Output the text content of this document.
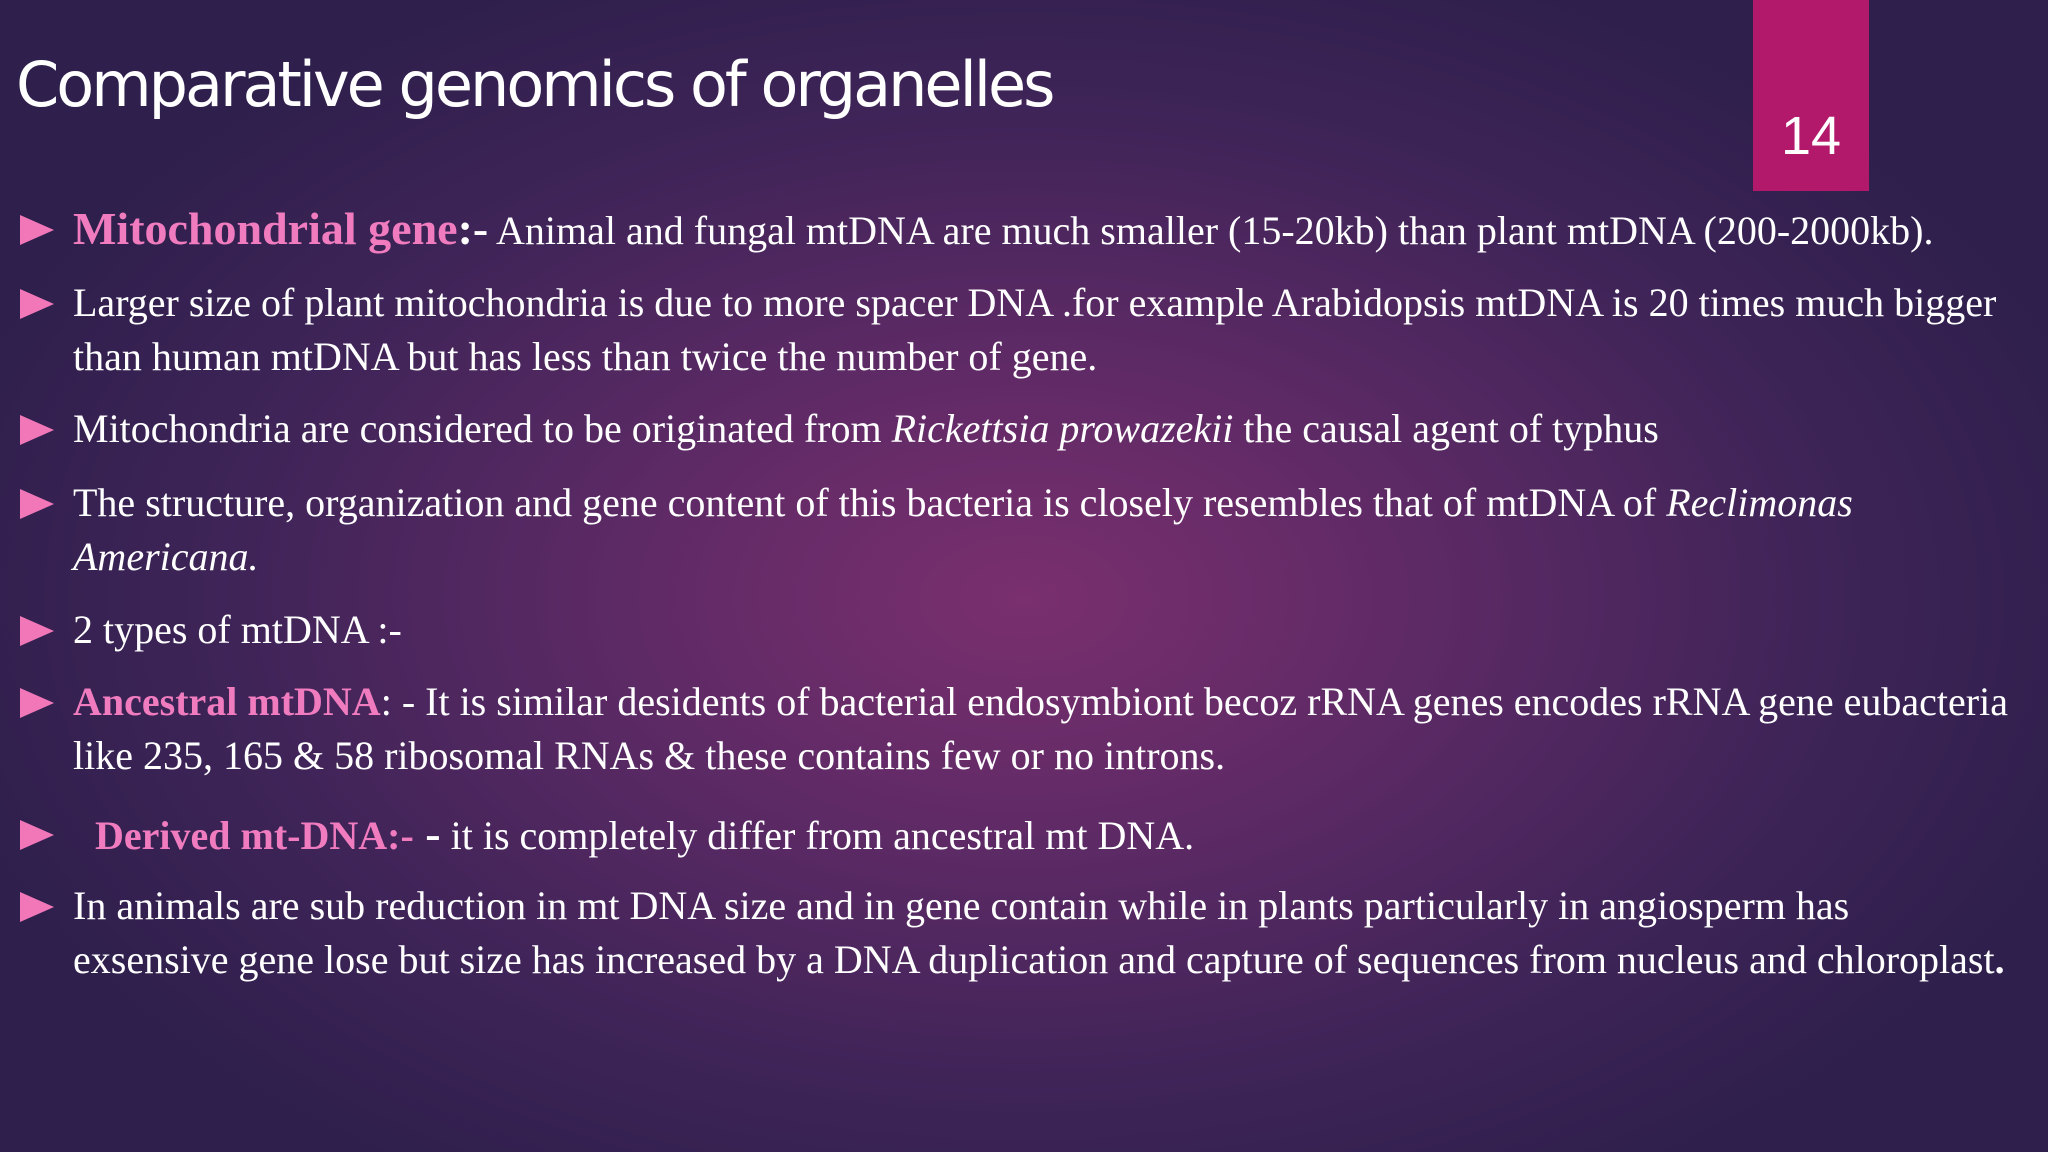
Comparative genomics of organelles
14
Mitochondrial gene:- Animal and fungal mtDNA are much smaller (15-20kb) than plant mtDNA (200-2000kb).
Larger size of plant mitochondria is due to more spacer DNA .for example Arabidopsis mtDNA is 20 times much bigger than human mtDNA but has less than twice the number of gene.
Mitochondria are considered to be originated from Rickettsia prowazekii the causal agent of typhus
The structure, organization and gene content of this bacteria is closely resembles that of mtDNA of Reclimonas Americana.
2 types of mtDNA :-
Ancestral mtDNA: - It is similar desidents of bacterial endosymbiont becoz rRNA genes encodes rRNA gene eubacteria like 235, 165 & 58 ribosomal RNAs & these contains few or no introns.
Derived mt-DNA:- - it is completely differ from ancestral mt DNA.
In animals are sub reduction in mt DNA size and in gene contain while in plants particularly in angiosperm has exsensive gene lose but size has increased by a DNA duplication and capture of sequences from nucleus and chloroplast.
